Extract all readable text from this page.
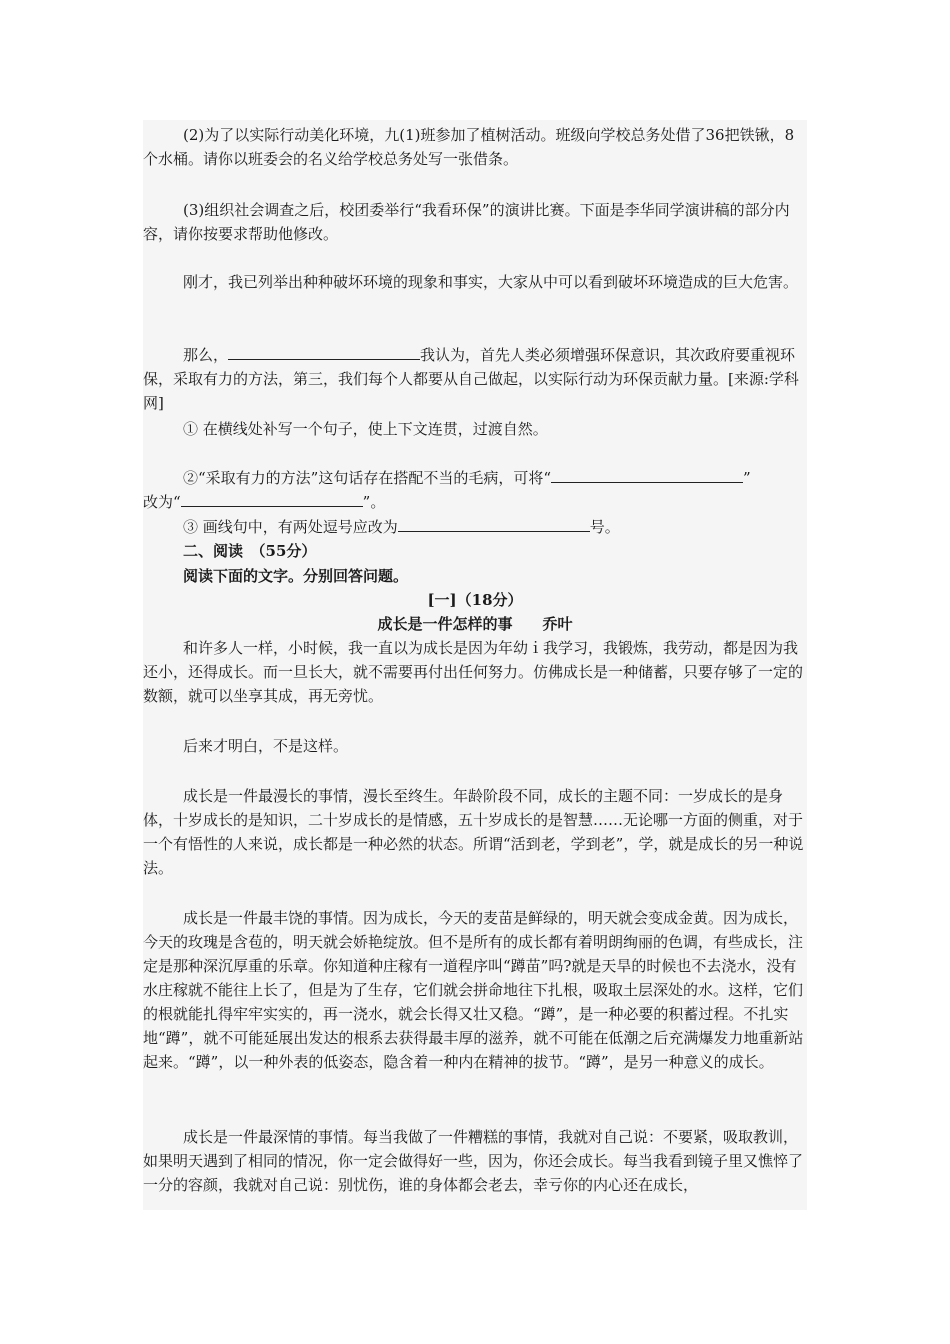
(2)为了以实际行动美化环境，九(1)班参加了植树活动。班级向学校总务处借了36把铁锹，8个水桶。请你以班委会的名义给学校总务处写一张借条。

(3)组织社会调查之后，校团委举行“我看环保”的演讲比赛。下面是李华同学演讲稿的部分内容，请你按要求帮助他修改。

刚才，我已列举出种种破坏环境的现象和事实，大家从中可以看到破坏环境造成的巨大危害。

那么，	我认为，首先人类必须增强环保意识，其次政府要重视环保，采取有力的方法，第三，我们每个人都要从自己做起，以实际行动为环保贡献力量。[来源:学科网]

① 在横线处补写一个句子，使上下文连贯，过渡自然。

②“采取有力的方法”这句话存在搭配不当的毛病，可将“	”
改为“	”。

③ 画线句中，有两处逗号应改为	号。

二、阅读　（55分）

阅读下面的文字。分别回答问题。

[一]（18分）

成长是一件怎样的事　　乔叶

和许多人一样，小时候，我一直以为成长是因为年幼ｉ我学习，我锻炼，我劳动，都是因为我还小，还得成长。而一旦长大，就不需要再付出任何努力。仿佛成长是一种储蓄，只要存够了一定的数额，就可以坐享其成，再无旁忧。

后来才明白，不是这样。

成长是一件最漫长的事情，漫长至终生。年龄阶段不同，成长的主题不同：一岁成长的是身体，十岁成长的是知识，二十岁成长的是情感，五十岁成长的是智慧……无论哪一方面的侧重，对于一个有悟性的人来说，成长都是一种必然的状态。所谓“活到老，学到老”，学，就是成长的另一种说法。

成长是一件最丰饶的事情。因为成长，今天的麦苗是鲜绿的，明天就会变成金黄。因为成长，今天的玫瑰是含苞的，明天就会娇艳绽放。但不是所有的成长都有着明朗绚丽的色调，有些成长，注定是那种深沉厚重的乐章。你知道种庄稼有一道程序叫“蹲苗”吗?就是天旱的时候也不去浇水，没有水庄稼就不能往上长了，但是为了生存，它们就会拼命地往下扎根，吸取土层深处的水。这样，它们的根就能扎得牢牢实实的，再一浇水，就会长得又壮又稳。“蹲”，是一种必要的积蓄过程。不扎实地“蹲”，就不可能延展出发达的根系去获得最丰厚的滋养，就不可能在低潮之后充满爆发力地重新站起来。“蹲”，以一种外表的低姿态，隐含着一种内在精神的拔节。“蹲”，是另一种意义的成长。

成长是一件最深情的事情。每当我做了一件糟糕的事情，我就对自己说：不要紧，吸取教训，如果明天遇到了相同的情况，你一定会做得好一些，因为，你还会成长。每当我看到镜子里又憔悴了一分的容颜，我就对自己说：别忧伤，谁的身体都会老去，幸亏你的内心还在成长，
